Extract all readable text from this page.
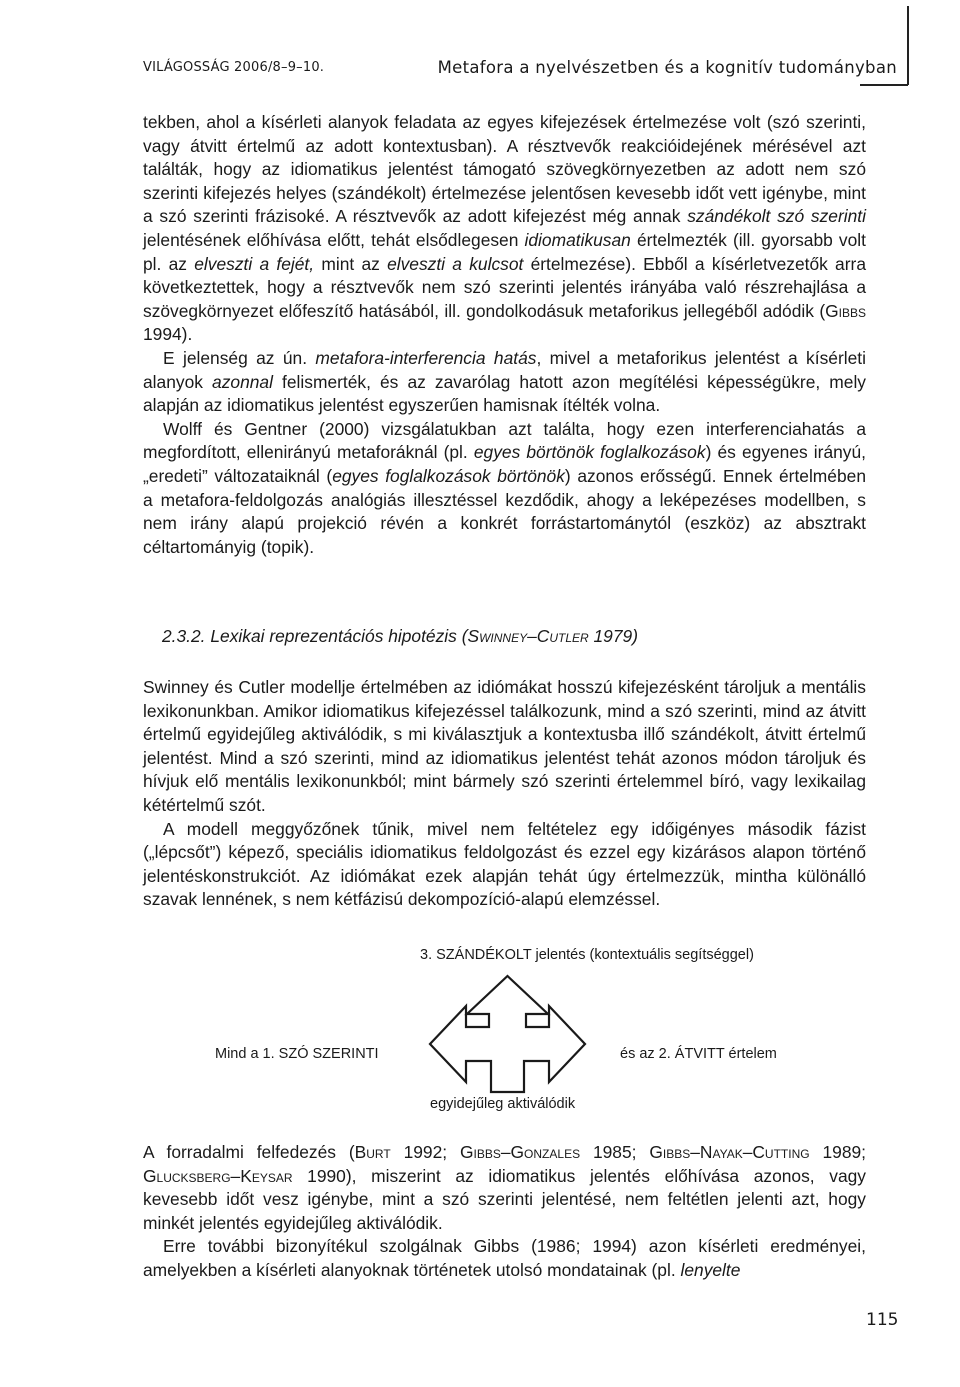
VILÁGOSSÁG 2006/8–9–10.	Metafora a nyelvészetben és a kognitív tudományban

tekben, ahol a kísérleti alanyok feladata az egyes kifejezések értelmezése volt (szó szerinti, vagy átvitt értelmű az adott kontextusban). A résztvevők reakcióidejének mérésével azt találták, hogy az idiomatikus jelentést támogató szövegkörnyezetben az adott nem szó szerinti kifejezés helyes (szándékolt) értelmezése jelentősen kevesebb időt vett igénybe, mint a szó szerinti frázisoké. A résztvevők az adott kifejezést még annak szándékolt szó szerinti jelentésének előhívása előtt, tehát elsődlegesen idiomatikusan értelmezték (ill. gyorsabb volt pl. az elveszti a fejét, mint az elveszti a kulcsot értelmezése). Ebből a kísérletvezetők arra következtettek, hogy a résztvevők nem szó szerinti jelentés irányába való részrehajlása a szövegkörnyezet előfeszítő hatásából, ill. gondolkodásuk metaforikus jellegéből adódik (Gibbs 1994).

E jelenség az ún. metafora-interferencia hatás, mivel a metaforikus jelentést a kísérleti alanyok azonnal felismerték, és az zavarólag hatott azon megítélési képességükre, mely alapján az idiomatikus jelentést egyszerűen hamisnak ítélték volna.

Wolff és Gentner (2000) vizsgálatukban azt találta, hogy ezen interferenciahatás a megfordított, ellenirányú metaforáknál (pl. egyes börtönök foglalkozások) és egyenes irányú, „eredeti” változataiknál (egyes foglalkozások börtönök) azonos erősségű. Ennek értelmében a metafora-feldolgozás analógiás illesztéssel kezdődik, ahogy a leképezéses modellben, s nem irány alapú projekció révén a konkrét forrástartománytól (eszköz) az absztrakt céltartományig (topik).

2.3.2. Lexikai reprezentációs hipotézis (Swinney–Cutler 1979)

Swinney és Cutler modellje értelmében az idiómákat hosszú kifejezésként tároljuk a mentális lexikonunkban. Amikor idiomatikus kifejezéssel találkozunk, mind a szó szerinti, mind az átvitt értelmű egyidejűleg aktiválódik, s mi kiválasztjuk a kontextusba illő szándékolt, átvitt értelmű jelentést. Mind a szó szerinti, mind az idiomatikus jelentést tehát azonos módon tároljuk és hívjuk elő mentális lexikonunkból; mint bármely szó szerinti értelemmel bíró, vagy lexikailag kétértelmű szót.

A modell meggyőzőnek tűnik, mivel nem feltételez egy időigényes második fázist („lépcsőt”) képező, speciális idiomatikus feldolgozást és ezzel egy kizárásos alapon történő jelentéskonstrukciót. Az idiómákat ezek alapján tehát úgy értelmezzük, mintha különálló szavak lennének, s nem kétfázisú dekompozíció-alapú elemzéssel.

3. SZÁNDÉKOLT jelentés (kontextuális segítséggel)
Mind a 1. SZÓ SZERINTI	és az 2. ÁTVITT értelem
egyidejűleg aktiválódik

A forradalmi felfedezés (Burt 1992; Gibbs–Gonzales 1985; Gibbs–Nayak–Cutting 1989; Glucksberg–Keysar 1990), miszerint az idiomatikus jelentés előhívása azonos, vagy kevesebb időt vesz igénybe, mint a szó szerinti jelentésé, nem feltétlen jelenti azt, hogy minkét jelentés egyidejűleg aktiválódik.

Erre további bizonyítékul szolgálnak Gibbs (1986; 1994) azon kísérleti eredményei, amelyekben a kísérleti alanyoknak történetek utolsó mondatainak (pl. lenyelte

115
